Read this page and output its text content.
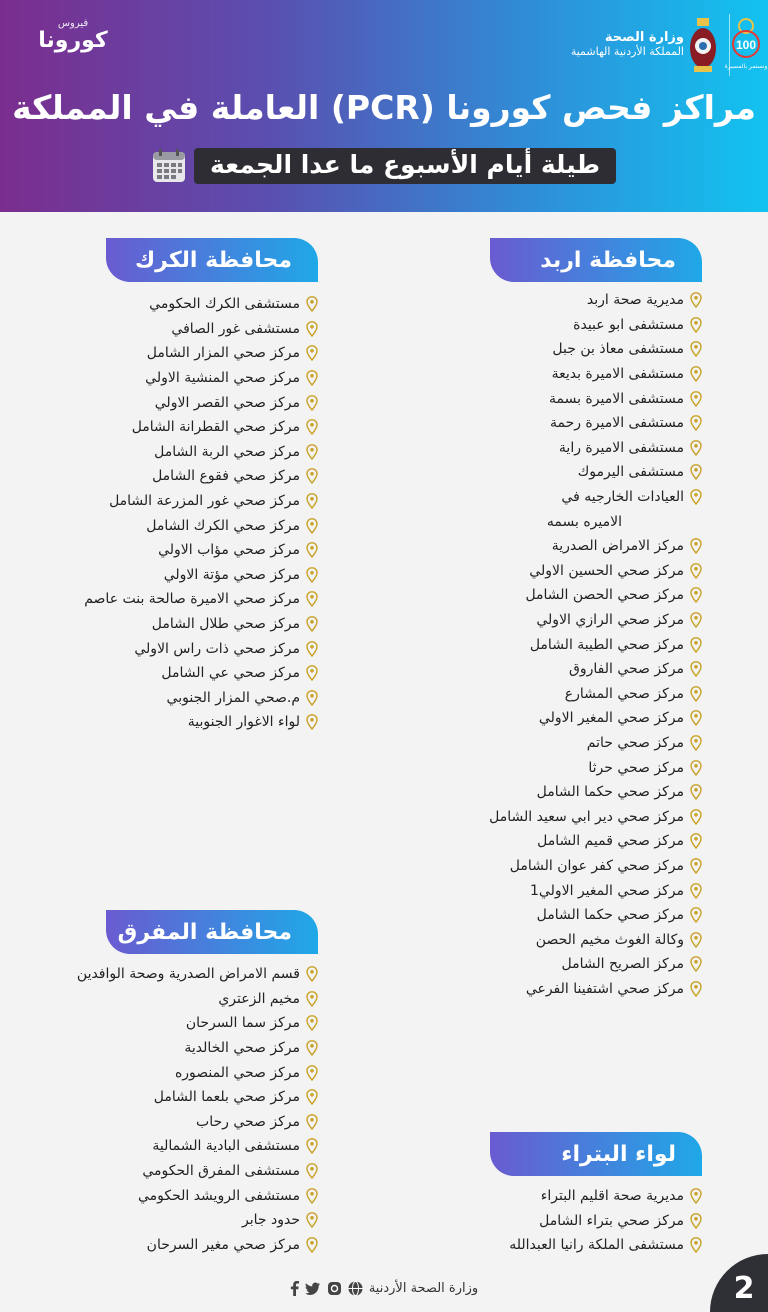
فيروس
كورونا	وزارة الصحة
المملكة الأردنية الهاشمية	100
ونستمر بالمسيرة
مراكز فحص كورونا (PCR) العاملة في المملكة
طيلة أيام الأسبوع ما عدا الجمعة
محافظة اربد
مديرية صحة اربد
مستشفى ابو عبيدة
مستشفى معاذ بن جبل
مستشفى الاميرة بديعة
مستشفى الاميرة بسمة
مستشفى الاميرة رحمة
مستشفى الاميرة راية
مستشفى اليرموك
العيادات الخارجيه في
الاميره بسمه
مركز الامراض الصدرية
مركز صحي الحسين الاولي
مركز صحي الحصن الشامل
مركز صحي الرازي الاولي
مركز صحي الطيبة الشامل
مركز صحي الفاروق
مركز صحي المشارع
مركز صحي المغير الاولي
مركز صحي حاتم
مركز صحي حرثا
مركز صحي حكما الشامل
مركز صحي دير ابي سعيد الشامل
مركز صحي قميم الشامل
مركز صحي كفر عوان الشامل
مركز صحي المغير الاولي1
مركز صحي حكما الشامل
وكالة الغوث مخيم الحصن
مركز الصريح الشامل
مركز صحي اشتفينا الفرعي
محافظة الكرك
مستشفى الكرك الحكومي
مستشفى غور الصافي
مركز صحي المزار الشامل
مركز صحي المنشية الاولي
مركز صحي القصر الاولي
مركز صحي القطرانة الشامل
مركز صحي الربة الشامل
مركز صحي فقوع الشامل
مركز صحي غور المزرعة الشامل
مركز صحي الكرك الشامل
مركز صحي مؤاب الاولي
مركز صحي مؤتة الاولي
مركز صحي الاميرة صالحة بنت عاصم
مركز صحي طلال الشامل
مركز صحي ذات راس الاولي
مركز صحي عي الشامل
م.صحي المزار الجنوبي
لواء الاغوار الجنوبية
محافظة المفرق
قسم الامراض الصدرية وصحة الوافدين
مخيم الزعتري
مركز سما السرحان
مركز صحي الخالدية
مركز صحي المنصوره
مركز صحي بلعما الشامل
مركز صحي رحاب
مستشفى البادية الشمالية
مستشفى المفرق الحكومي
مستشفى الرويشد الحكومي
حدود جابر
مركز صحي مغير السرحان
لواء البتراء
مديرية صحة اقليم البتراء
مركز صحي بتراء الشامل
مستشفى الملكة رانيا العبدالله
وزارة الصحة الأردنية	2
